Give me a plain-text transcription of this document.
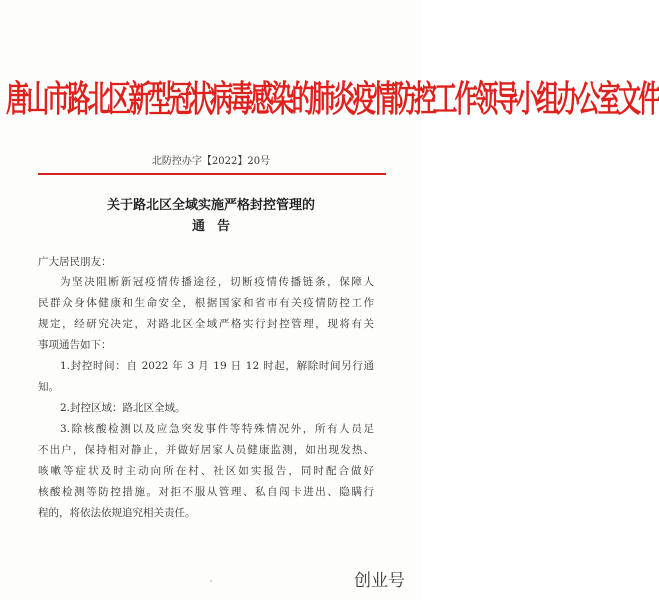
唐山市路北区新型冠状病毒感染的肺炎疫情防控工作领导小组办公室文件
北防控办字【2022】20号
关于路北区全域实施严格封控管理的
通告
广大居民朋友：
为坚决阻断新冠疫情传播途径，切断疫情传播链条，保障人
民群众身体健康和生命安全，根据国家和省市有关疫情防控工作
规定，经研究决定，对路北区全域严格实行封控管理，现将有关
事项通告如下：
1.封控时间：自 2022 年 3 月 19 日 12 时起，解除时间另行通
知。
2.封控区域：路北区全域。
3.除核酸检测以及应急突发事件等特殊情况外，所有人员足
不出户，保持相对静止，并做好居家人员健康监测，如出现发热、
咳嗽等症状及时主动向所在村、社区如实报告，同时配合做好
核酸检测等防控措施。对拒不服从管理、私自闯卡进出、隐瞒行
程的，将依法依规追究相关责任。
创业号
